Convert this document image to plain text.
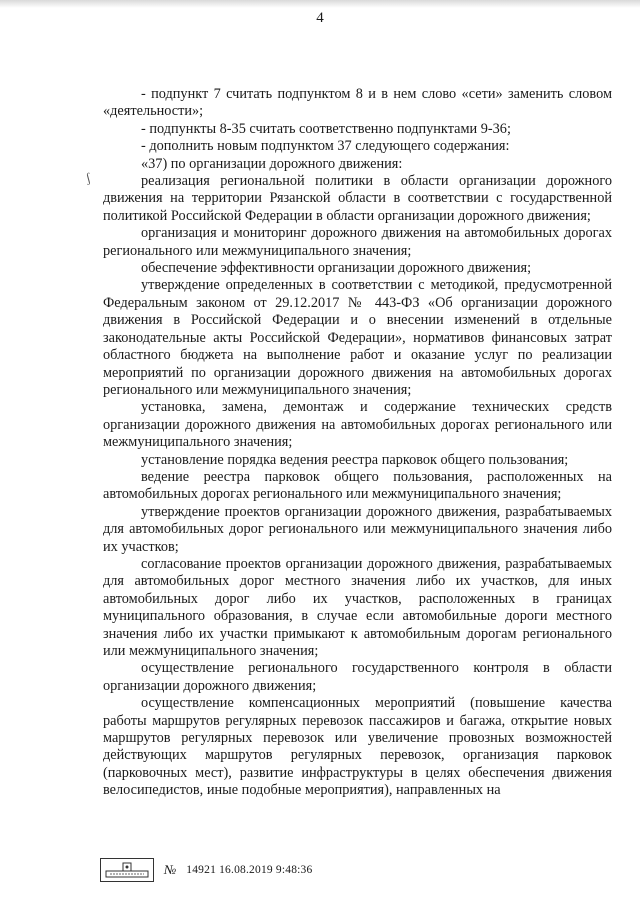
4
ʃ

- подпункт 7 считать подпунктом 8 и в нем слово «сети» заменить словом «деятельности»;

- подпункты 8-35 считать соответственно подпунктами 9-36;

- дополнить новым подпунктом 37 следующего содержания:

«37) по организации дорожного движения:

реализация региональной политики в области организации дорожного движения на территории Рязанской области в соответствии с государственной политикой Российской Федерации в области организации дорожного движения;

организация и мониторинг дорожного движения на автомобильных дорогах регионального или межмуниципального значения;

обеспечение эффективности организации дорожного движения;

утверждение определенных в соответствии с методикой, предусмотренной Федеральным законом от 29.12.2017 № 443-ФЗ «Об организации дорожного движения в Российской Федерации и о внесении изменений в отдельные законодательные акты Российской Федерации», нормативов финансовых затрат областного бюджета на выполнение работ и оказание услуг по реализации мероприятий по организации дорожного движения на автомобильных дорогах регионального или межмуниципального значения;

установка, замена, демонтаж и содержание технических средств организации дорожного движения на автомобильных дорогах регионального или межмуниципального значения;

установление порядка ведения реестра парковок общего пользования;

ведение реестра парковок общего пользования, расположенных на автомобильных дорогах регионального или межмуниципального значения;

утверждение проектов организации дорожного движения, разрабатываемых для автомобильных дорог регионального или межмуниципального значения либо их участков;

согласование проектов организации дорожного движения, разрабатываемых для автомобильных дорог местного значения либо их участков, для иных автомобильных дорог либо их участков, расположенных в границах муниципального образования, в случае если автомобильные дороги местного значения либо их участки примыкают к автомобильным дорогам регионального или межмуниципального значения;

осуществление регионального государственного контроля в области организации дорожного движения;

осуществление компенсационных мероприятий (повышение качества работы маршрутов регулярных перевозок пассажиров и багажа, открытие новых маршрутов регулярных перевозок или увеличение провозных возможностей действующих маршрутов регулярных перевозок, организация парковок (парковочных мест), развитие инфраструктуры в целях обеспечения движения велосипедистов, иные подобные мероприятия), направленных на

№ 14921 16.08.2019 9:48:36
